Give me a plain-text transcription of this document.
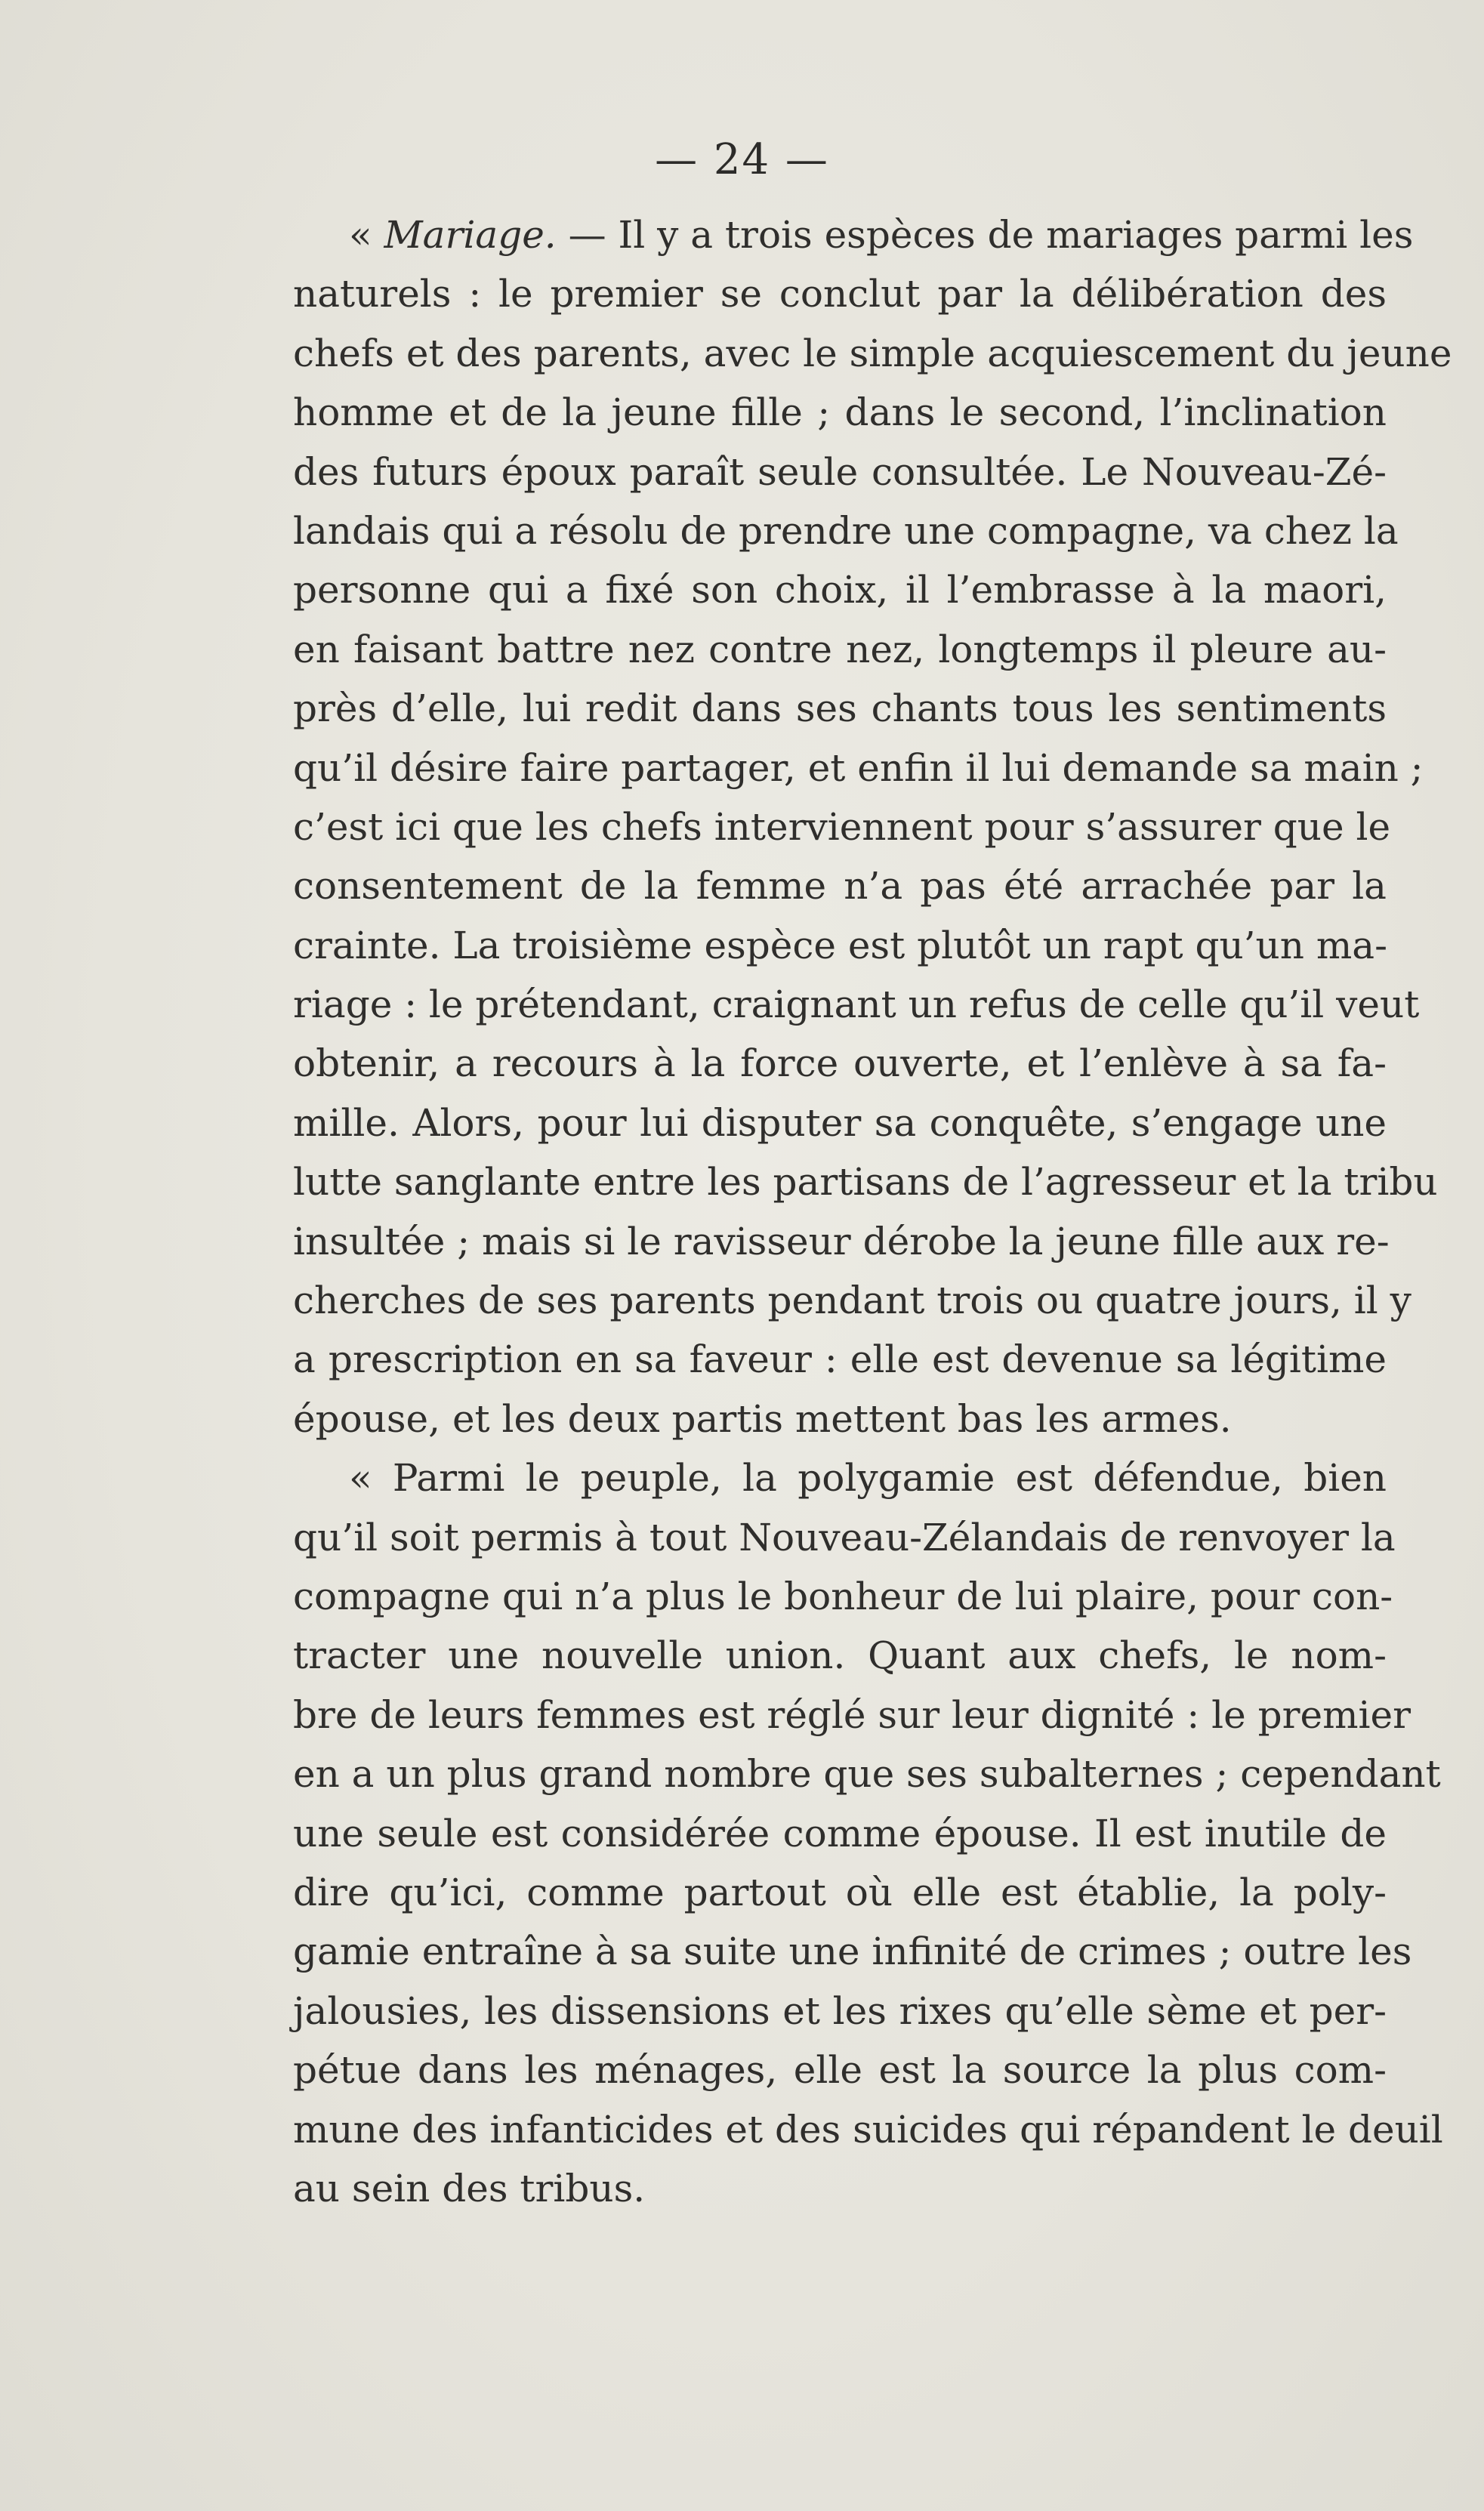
— 24 —
« Mariage. — Il y a trois espèces de mariages parmi les
naturels : le premier se conclut par la délibération des
chefs et des parents, avec le simple acquiescement du jeune
homme et de la jeune fille ; dans le second, l’inclination
des futurs époux paraît seule consultée. Le Nouveau-Zé-
landais qui a résolu de prendre une compagne, va chez la
personne qui a fixé son choix, il l’embrasse à la maori,
en faisant battre nez contre nez, longtemps il pleure au-
près d’elle, lui redit dans ses chants tous les sentiments
qu’il désire faire partager, et enfin il lui demande sa main ;
c’est ici que les chefs interviennent pour s’assurer que le
consentement de la femme n’a pas été arrachée par la
crainte. La troisième espèce est plutôt un rapt qu’un ma-
riage : le prétendant, craignant un refus de celle qu’il veut
obtenir, a recours à la force ouverte, et l’enlève à sa fa-
mille. Alors, pour lui disputer sa conquête, s’engage une
lutte sanglante entre les partisans de l’agresseur et la tribu
insultée ; mais si le ravisseur dérobe la jeune fille aux re-
cherches de ses parents pendant trois ou quatre jours, il y
a prescription en sa faveur : elle est devenue sa légitime
épouse, et les deux partis mettent bas les armes.
« Parmi le peuple, la polygamie est défendue, bien
qu’il soit permis à tout Nouveau-Zélandais de renvoyer la
compagne qui n’a plus le bonheur de lui plaire, pour con-
tracter une nouvelle union. Quant aux chefs, le nom-
bre de leurs femmes est réglé sur leur dignité : le premier
en a un plus grand nombre que ses subalternes ; cependant
une seule est considérée comme épouse. Il est inutile de
dire qu’ici, comme partout où elle est établie, la poly-
gamie entraîne à sa suite une infinité de crimes ; outre les
jalousies, les dissensions et les rixes qu’elle sème et per-
pétue dans les ménages, elle est la source la plus com-
mune des infanticides et des suicides qui répandent le deuil
au sein des tribus.
